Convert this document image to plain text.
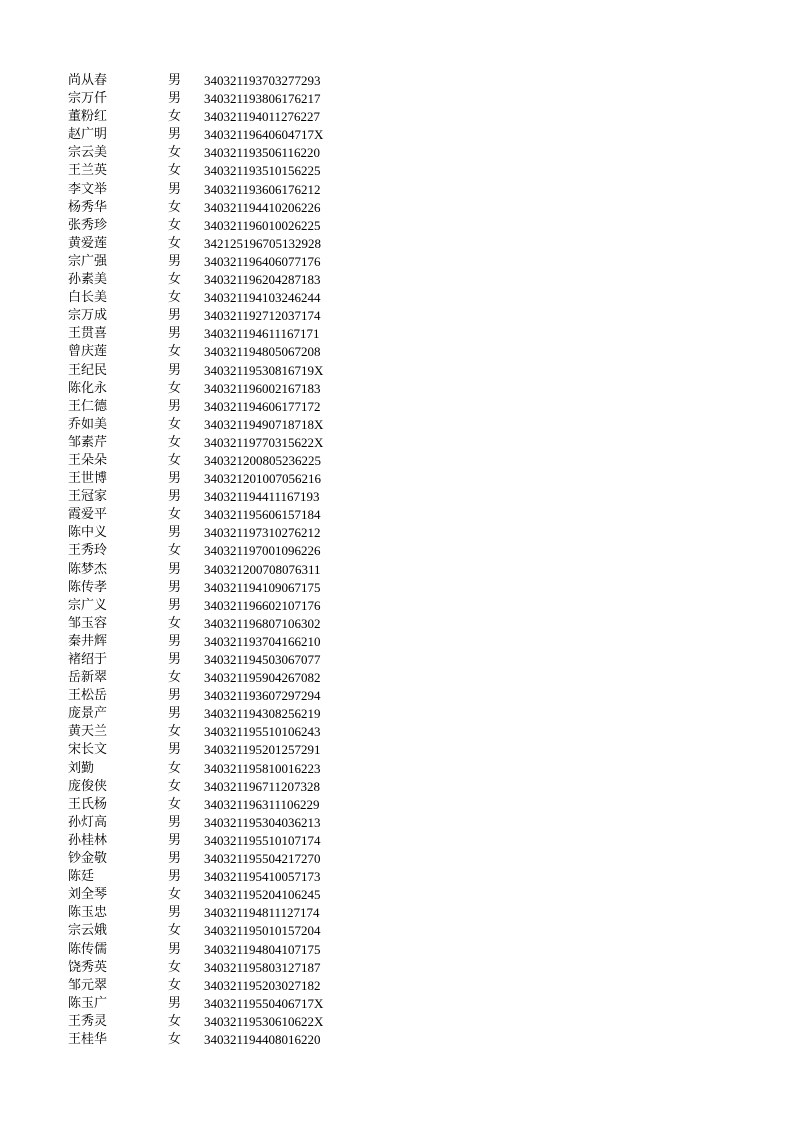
尚从春	男	340321193703277293
宗万仟	男	340321193806176217
董粉红	女	340321194011276227
赵广明	男	34032119640604717X
宗云美	女	340321193506116220
王兰英	女	340321193510156225
李文举	男	340321193606176212
杨秀华	女	340321194410206226
张秀珍	女	340321196010026225
黄爱莲	女	342125196705132928
宗广强	男	340321196406077176
孙素美	女	340321196204287183
白长美	女	340321194103246244
宗万成	男	340321192712037174
王贯喜	男	340321194611167171
曾庆莲	女	340321194805067208
王纪民	男	34032119530816719X
陈化永	女	340321196002167183
王仁德	男	340321194606177172
乔如美	女	34032119490718718X
邹素芹	女	34032119770315622X
王朵朵	女	340321200805236225
王世博	男	340321201007056216
王冠家	男	340321194411167193
霞爱平	女	340321195606157184
陈中义	男	340321197310276212
王秀玲	女	340321197001096226
陈梦杰	男	340321200708076311
陈传孝	男	340321194109067175
宗广义	男	340321196602107176
邹玉容	女	340321196807106302
秦井辉	男	340321193704166210
褚绍于	男	340321194503067077
岳新翠	女	340321195904267082
王松岳	男	340321193607297294
庞景产	男	340321194308256219
黄天兰	女	340321195510106243
宋长文	男	340321195201257291
刘勤	女	340321195810016223
庞俊侠	女	340321196711207328
王氏杨	女	340321196311106229
孙灯高	男	340321195304036213
孙桂林	男	340321195510107174
钞金敬	男	340321195504217270
陈廷	男	340321195410057173
刘全琴	女	340321195204106245
陈玉忠	男	340321194811127174
宗云娥	女	340321195010157204
陈传儒	男	340321194804107175
饶秀英	女	340321195803127187
邹元翠	女	340321195203027182
陈玉广	男	34032119550406717X
王秀灵	女	34032119530610622X
王桂华	女	340321194408016220
